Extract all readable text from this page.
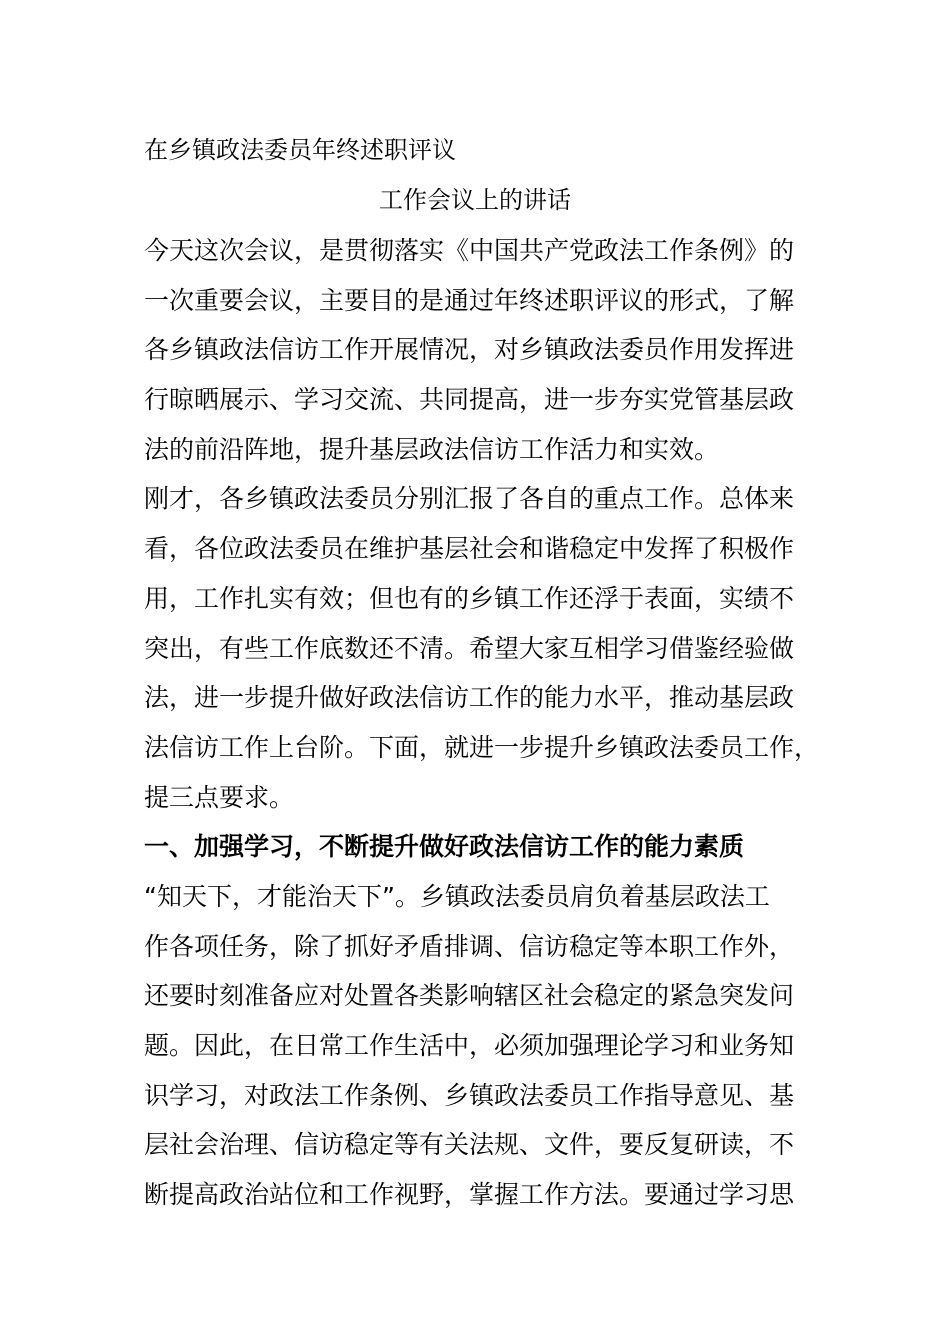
在乡镇政法委员年终述职评议
工作会议上的讲话
今天这次会议，是贯彻落实《中国共产党政法工作条例》的
一次重要会议，主要目的是通过年终述职评议的形式，了解
各乡镇政法信访工作开展情况，对乡镇政法委员作用发挥进
行晾晒展示、学习交流、共同提高，进一步夯实党管基层政
法的前沿阵地，提升基层政法信访工作活力和实效。
刚才，各乡镇政法委员分别汇报了各自的重点工作。总体来
看，各位政法委员在维护基层社会和谐稳定中发挥了积极作
用，工作扎实有效；但也有的乡镇工作还浮于表面，实绩不
突出，有些工作底数还不清。希望大家互相学习借鉴经验做
法，进一步提升做好政法信访工作的能力水平，推动基层政
法信访工作上台阶。下面，就进一步提升乡镇政法委员工作，
提三点要求。
一、加强学习，不断提升做好政法信访工作的能力素质
“知天下，才能治天下”。乡镇政法委员肩负着基层政法工
作各项任务，除了抓好矛盾排调、信访稳定等本职工作外，
还要时刻准备应对处置各类影响辖区社会稳定的紧急突发问
题。因此，在日常工作生活中，必须加强理论学习和业务知
识学习，对政法工作条例、乡镇政法委员工作指导意见、基
层社会治理、信访稳定等有关法规、文件，要反复研读，不
断提高政治站位和工作视野，掌握工作方法。要通过学习思
